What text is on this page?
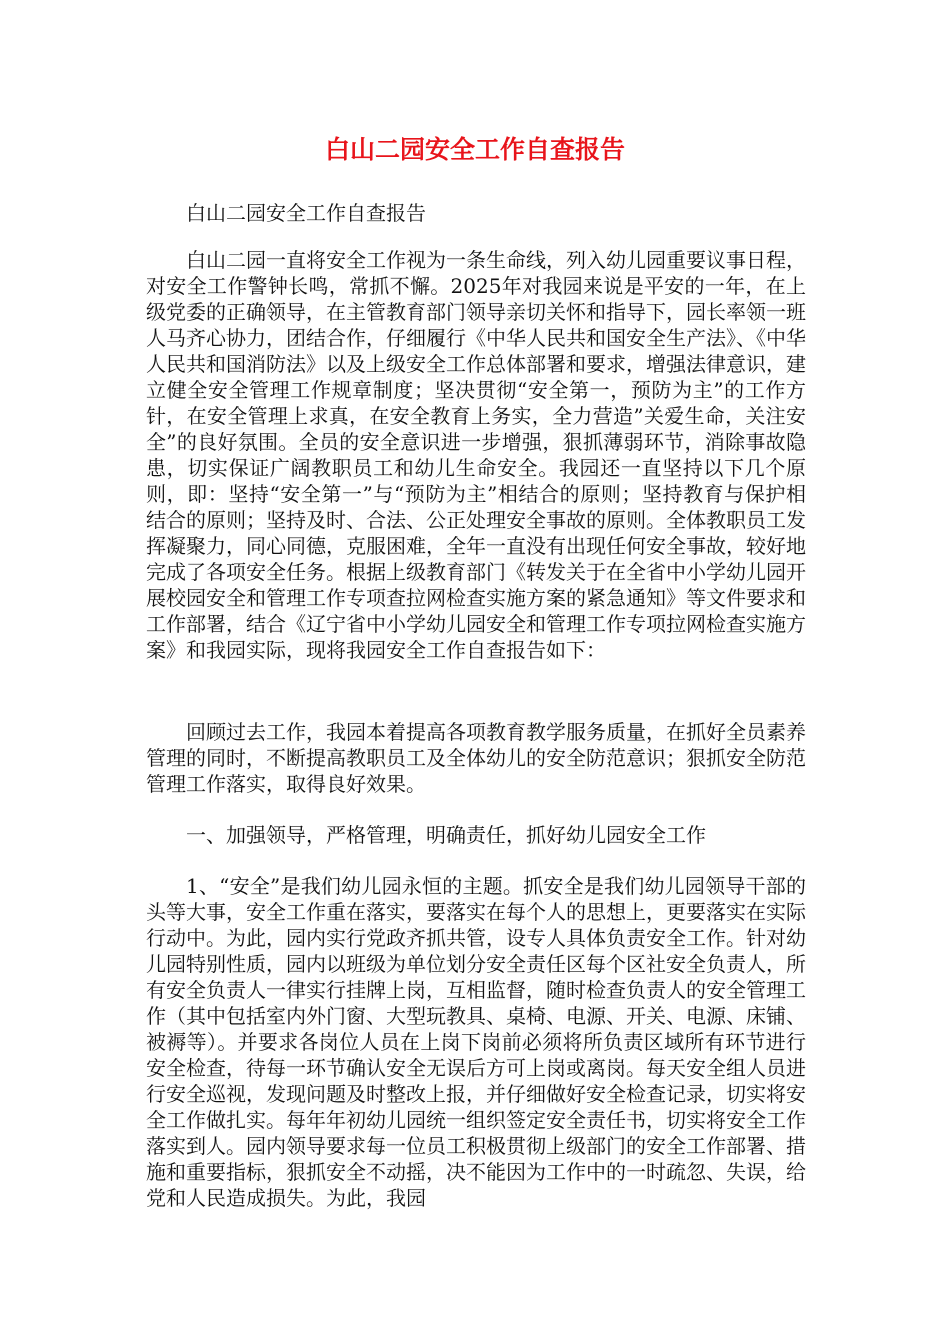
白山二园安全工作自查报告

白山二园安全工作自查报告

白山二园一直将安全工作视为一条生命线，列入幼儿园重要议事日程，对安全工作警钟长鸣，常抓不懈。2025年对我园来说是平安的一年，在上级党委的正确领导，在主管教育部门领导亲切关怀和指导下，园长率领一班人马齐心协力，团结合作，仔细履行《中华人民共和国安全生产法》、《中华人民共和国消防法》以及上级安全工作总体部署和要求，增强法律意识，建立健全安全管理工作规章制度；坚决贯彻“安全第一，预防为主”的工作方针，在安全管理上求真，在安全教育上务实，全力营造”关爱生命，关注安全”的良好氛围。全员的安全意识进一步增强，狠抓薄弱环节，消除事故隐患，切实保证广阔教职员工和幼儿生命安全。我园还一直坚持以下几个原则，即：坚持“安全第一”与“预防为主”相结合的原则；坚持教育与保护相结合的原则；坚持及时、合法、公正处理安全事故的原则。全体教职员工发挥凝聚力，同心同德，克服困难，全年一直没有出现任何安全事故，较好地完成了各项安全任务。根据上级教育部门《转发关于在全省中小学幼儿园开展校园安全和管理工作专项查拉网检查实施方案的紧急通知》等文件要求和工作部署，结合《辽宁省中小学幼儿园安全和管理工作专项拉网检查实施方案》和我园实际，现将我园安全工作自查报告如下：

回顾过去工作，我园本着提高各项教育教学服务质量，在抓好全员素养管理的同时，不断提高教职员工及全体幼儿的安全防范意识；狠抓安全防范管理工作落实，取得良好效果。

一、加强领导，严格管理，明确责任，抓好幼儿园安全工作

1、“安全”是我们幼儿园永恒的主题。抓安全是我们幼儿园领导干部的头等大事，安全工作重在落实，要落实在每个人的思想上，更要落实在实际行动中。为此，园内实行党政齐抓共管，设专人具体负责安全工作。针对幼儿园特别性质，园内以班级为单位划分安全责任区每个区社安全负责人，所有安全负责人一律实行挂牌上岗，互相监督，随时检查负责人的安全管理工作（其中包括室内外门窗、大型玩教具、桌椅、电源、开关、电源、床铺、被褥等）。并要求各岗位人员在上岗下岗前必须将所负责区域所有环节进行安全检查，待每一环节确认安全无误后方可上岗或离岗。每天安全组人员进行安全巡视，发现问题及时整改上报，并仔细做好安全检查记录，切实将安全工作做扎实。每年年初幼儿园统一组织签定安全责任书，切实将安全工作落实到人。园内领导要求每一位员工积极贯彻上级部门的安全工作部署、措施和重要指标，狠抓安全不动摇，决不能因为工作中的一时疏忽、失误，给党和人民造成损失。为此，我园
